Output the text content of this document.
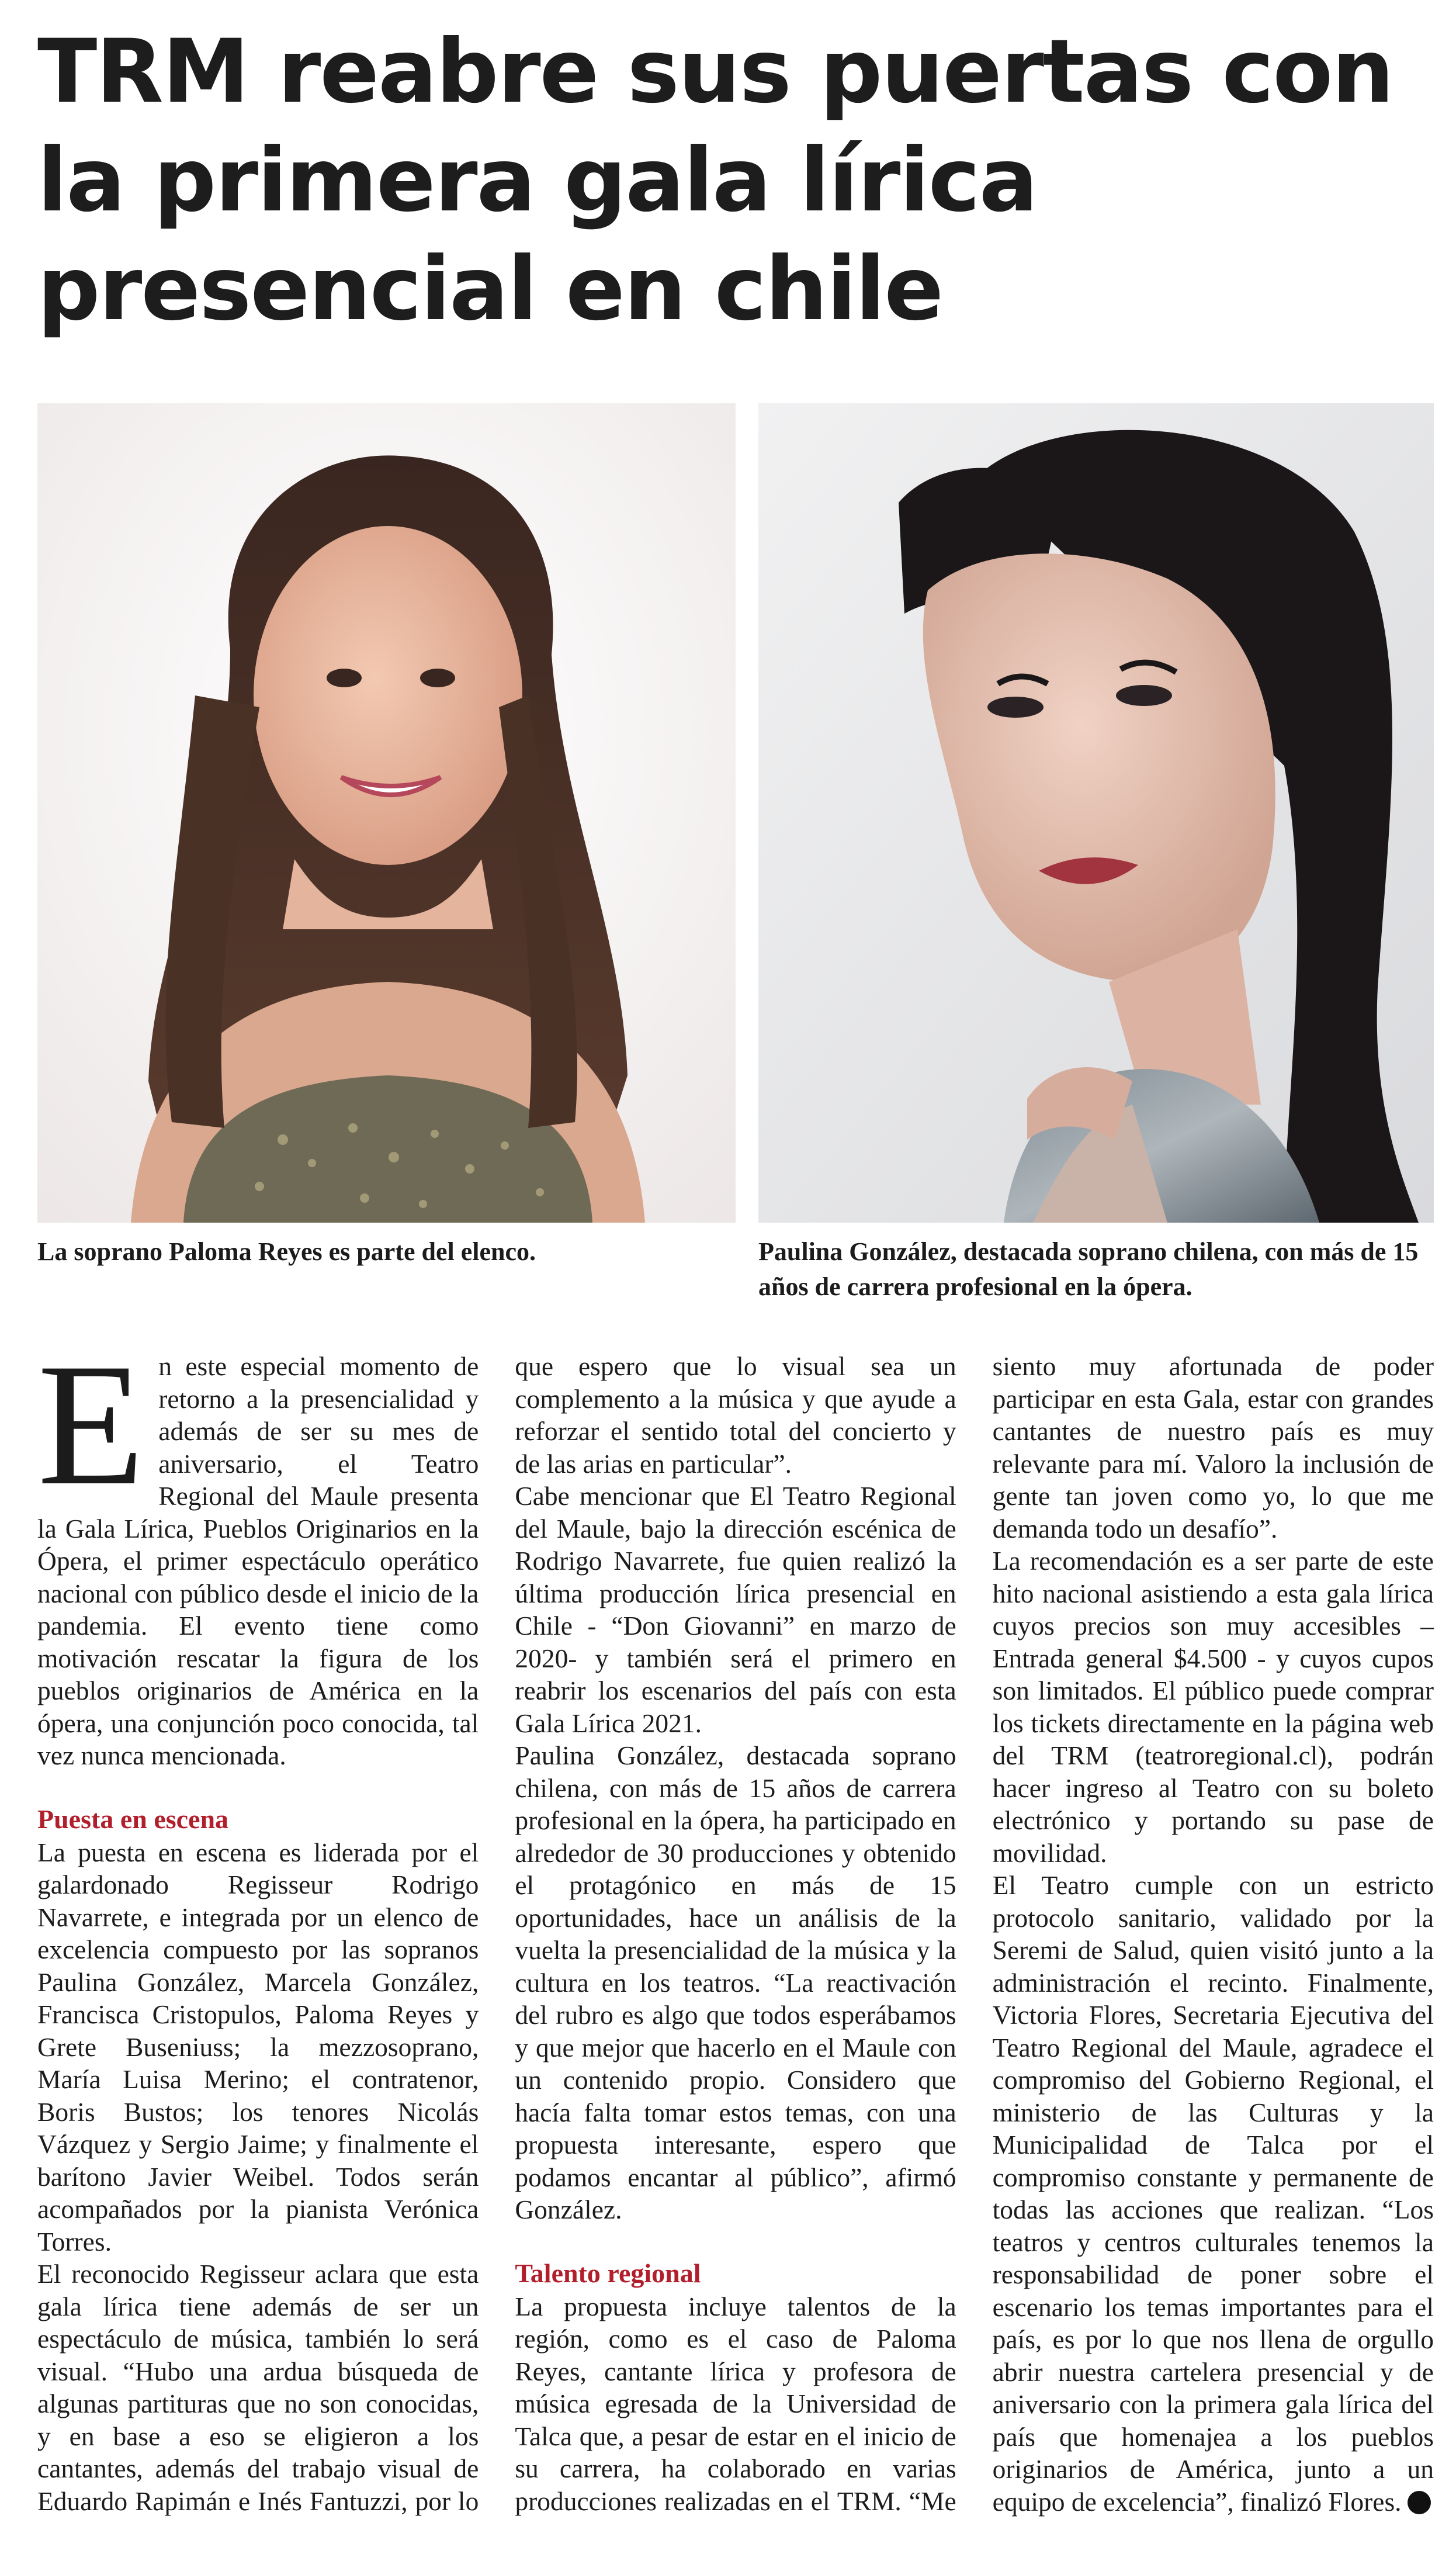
TRM reabre sus puertas con la primera gala lírica presencial en chile
La soprano Paloma Reyes es parte del elenco.	Paulina González, destacada soprano chilena, con más de 15 años de carrera profesional en la ópera.

En este especial momento de retorno a la presencialidad y además de ser su mes de aniversario, el Teatro Regional del Maule presenta la Gala Lírica, Pueblos Originarios en la Ópera, el primer espectáculo operático nacional con público desde el inicio de la pandemia. El evento tiene como motivación rescatar la figura de los pueblos originarios de América en la ópera, una conjunción poco conocida, tal vez nunca mencionada.

Puesta en escena

La puesta en escena es liderada por el galardonado Regisseur Rodrigo Navarrete, e integrada por un elenco de excelencia compuesto por las sopranos Paulina González, Marcela González, Francisca Cristopulos, Paloma Reyes y Grete Buseniuss; la mezzosoprano, María Luisa Merino; el contratenor, Boris Bustos; los tenores Nicolás Vázquez y Sergio Jaime; y finalmente el barítono Javier Weibel. Todos serán acompañados por la pianista Verónica Torres.

El reconocido Regisseur aclara que esta gala lírica tiene además de ser un espectáculo de música, también lo será visual. “Hubo una ardua búsqueda de algunas partituras que no son conocidas, y en base a eso se eligieron a los cantantes, además del trabajo visual de Eduardo Rapimán e Inés Fantuzzi, por lo que espero que lo visual sea un complemento a la música y que ayude a reforzar el sentido total del concierto y de las arias en particular”.

Cabe mencionar que El Teatro Regional del Maule, bajo la dirección escénica de Rodrigo Navarrete, fue quien realizó la última producción lírica presencial en Chile - “Don Giovanni” en marzo de 2020- y también será el primero en reabrir los escenarios del país con esta Gala Lírica 2021.

Paulina González, destacada soprano chilena, con más de 15 años de carrera profesional en la ópera, ha participado en alrededor de 30 producciones y obtenido el protagónico en más de 15 oportunidades, hace un análisis de la vuelta la presencialidad de la música y la cultura en los teatros. “La reactivación del rubro es algo que todos esperábamos y que mejor que hacerlo en el Maule con un contenido propio. Considero que hacía falta tomar estos temas, con una propuesta interesante, espero que podamos encantar al público”, afirmó González.

Talento regional

La propuesta incluye talentos de la región, como es el caso de Paloma Reyes, cantante lírica y profesora de música egresada de la Universidad de Talca que, a pesar de estar en el inicio de su carrera, ha colaborado en varias producciones realizadas en el TRM. “Me siento muy afortunada de poder participar en esta Gala, estar con grandes cantantes de nuestro país es muy relevante para mí. Valoro la inclusión de gente tan joven como yo, lo que me demanda todo un desafío”.

La recomendación es a ser parte de este hito nacional asistiendo a esta gala lírica cuyos precios son muy accesibles – Entrada general $4.500 - y cuyos cupos son limitados. El público puede comprar los tickets directamente en la página web del TRM (teatroregional.cl), podrán hacer ingreso al Teatro con su boleto electrónico y portando su pase de movilidad.

El Teatro cumple con un estricto protocolo sanitario, validado por la Seremi de Salud, quien visitó junto a la administración el recinto. Finalmente, Victoria Flores, Secretaria Ejecutiva del Teatro Regional del Maule, agradece el compromiso del Gobierno Regional, el ministerio de las Culturas y la Municipalidad de Talca por el compromiso constante y permanente de todas las acciones que realizan. “Los teatros y centros culturales tenemos la responsabilidad de poner sobre el escenario los temas importantes para el país, es por lo que nos llena de orgullo abrir nuestra cartelera presencial y de aniversario con la primera gala lírica del país que homenajea a los pueblos originarios de América, junto a un equipo de excelencia”, finalizó Flores.
